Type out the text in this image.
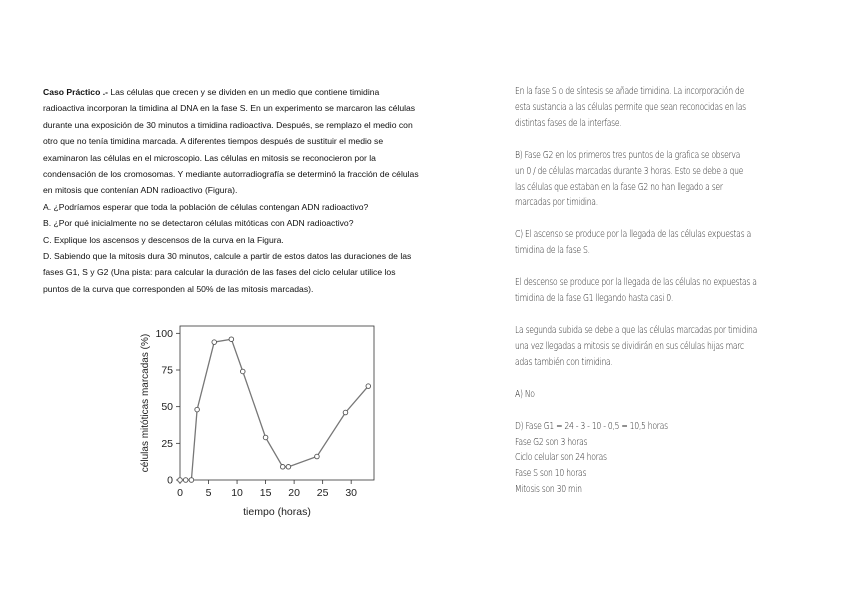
Caso Práctico .- Las células que crecen y se dividen en un medio que contiene timidina

radioactiva incorporan la timidina al DNA en la fase S. En un experimento se marcaron las células

durante una exposición de 30 minutos a timidina radioactiva. Después, se remplazo el medio con

otro que no tenía timidina marcada. A diferentes tiempos después de sustituir el medio se

examinaron las células en el microscopio. Las células en mitosis se reconocieron por la

condensación de los cromosomas. Y mediante autorradiografía se determinó la fracción de células

en mitosis que contenían ADN radioactivo (Figura).

A. ¿Podríamos esperar que toda la población de células contengan ADN radioactivo?

B. ¿Por qué inicialmente no se detectaron células mitóticas con ADN radioactivo?

C. Explique los ascensos y descensos de la curva en la Figura.

D. Sabiendo que la mitosis dura 30 minutos, calcule a partir de estos datos las duraciones de las

fases G1, S y G2 (Una pista: para calcular la duración de las fases del ciclo celular utilice los

puntos de la curva que corresponden al 50% de las mitosis marcadas).

En la fase S o de síntesis se añade timidina. La incorporación de

esta sustancia a las células permite que sean reconocidas en las

distintas fases de la interfase.

B) Fase G2 en los primeros tres puntos de la grafica se observa

un 0 / de células marcadas durante 3 horas. Esto se debe a que

las células que estaban en la fase G2 no han llegado a ser

marcadas por timidina.

C) El ascenso se produce por la llegada de las células expuestas a

timidina de la fase S.

El descenso se produce por la llegada de las células no expuestas a

timidina de la fase G1 llegando hasta casi 0.

La segunda subida se debe a que las células marcadas por timidina

una vez llegadas a mitosis se dividirán en sus células hijas marc

adas también con timidina.

A) No

D) Fase G1 = 24 - 3 - 10 - 0,5 = 10,5 horas

Fase G2 son 3 horas

Ciclo celular son 24 horas

Fase S son 10 horas

Mitosis son 30 min

0
25
50
75
100
0 5 10 15 20 25 30
tiempo (horas)
células mitóticas marcadas (%)
